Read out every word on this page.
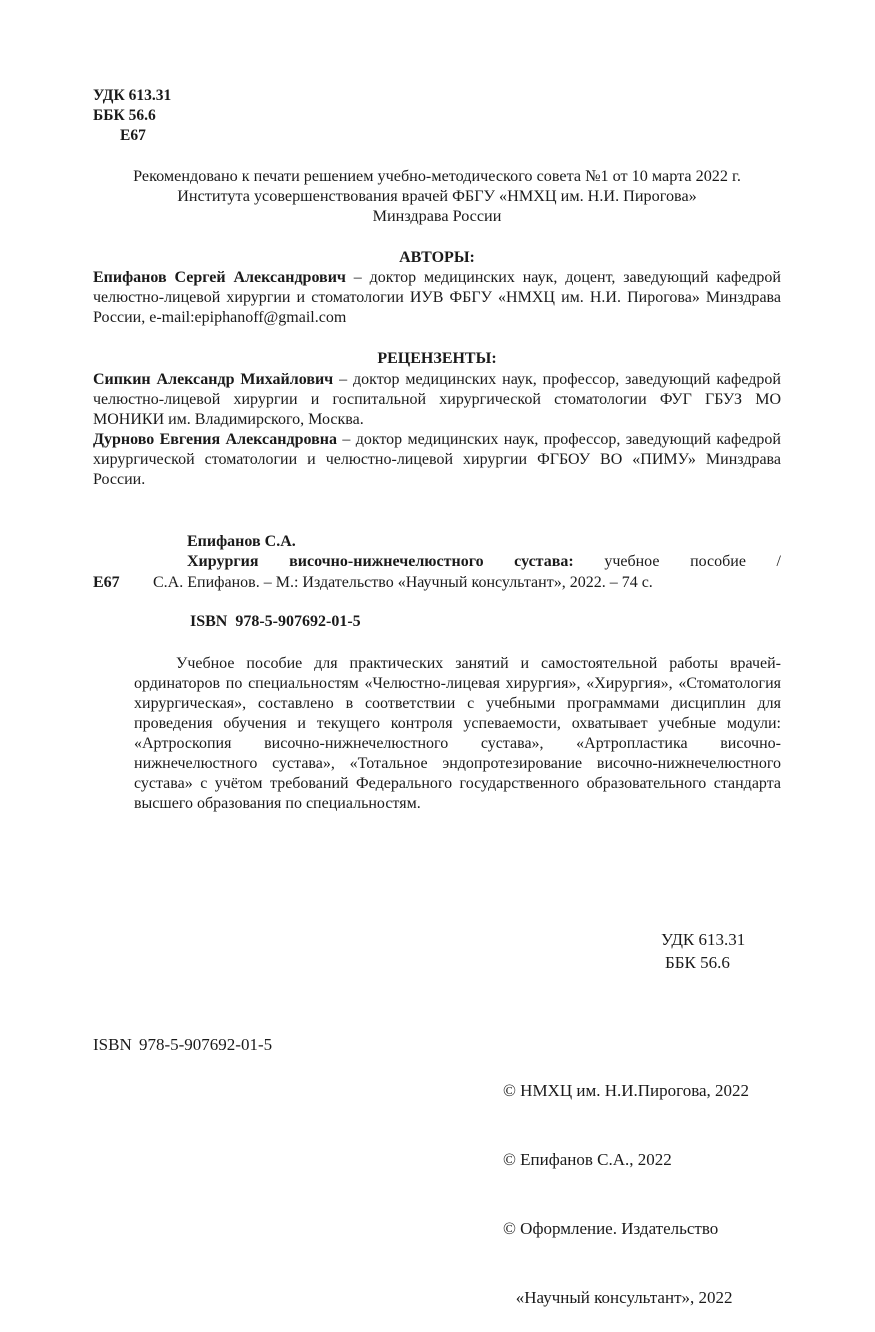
УДК 613.31
ББК 56.6
Е67
Рекомендовано к печати решением учебно-методического совета №1 от 10 марта 2022 г.
Института усовершенствования врачей ФБГУ «НМХЦ им. Н.И. Пирогова»
Минздрава России
АВТОРЫ:

Епифанов Сергей Александрович – доктор медицинских наук, доцент, заведующий кафедрой челюстно-лицевой хирургии и стоматологии ИУВ ФБГУ «НМХЦ им. Н.И. Пирогова» Минздрава России, e-mail:epiphanoff@gmail.com

РЕЦЕНЗЕНТЫ:

Сипкин Александр Михайлович – доктор медицинских наук, профессор, заведующий кафедрой челюстно-лицевой хирургии и госпитальной хирургической стоматологии ФУГ ГБУЗ МО МОНИКИ им. Владимирского, Москва.

Дурново Евгения Александровна – доктор медицинских наук, профессор, заведующий кафедрой хирургической стоматологии и челюстно-лицевой хирургии ФГБОУ ВО «ПИМУ» Минздрава России.

Епифанов С.А.
Хирургия височно-нижнечелюстного сустава: учебное пособие /
Е67 С.А. Епифанов. – М.: Издательство «Научный консультант», 2022. – 74 с.
ISBN 978-5-907692-01-5

Учебное пособие для практических занятий и самостоятельной работы врачей-ординаторов по специальностям «Челюстно-лицевая хирургия», «Хирургия», «Стоматология хирургическая», составлено в соответствии с учебными программами дисциплин для проведения обучения и текущего контроля успеваемости, охватывает учебные модули: «Артроскопия височно-нижнечелюстного сустава», «Артропластика височно-нижнечелюстного сустава», «Тотальное эндопротезирование височно-нижнечелюстного сустава» с учётом требований Федерального государственного образовательного стандарта высшего образования по специальностям.

УДК 613.31
ББК 56.6
ISBN 978-5-907692-01-5

© НМХЦ им. Н.И.Пирогова, 2022

© Епифанов С.А., 2022

© Оформление. Издательство

«Научный консультант», 2022
